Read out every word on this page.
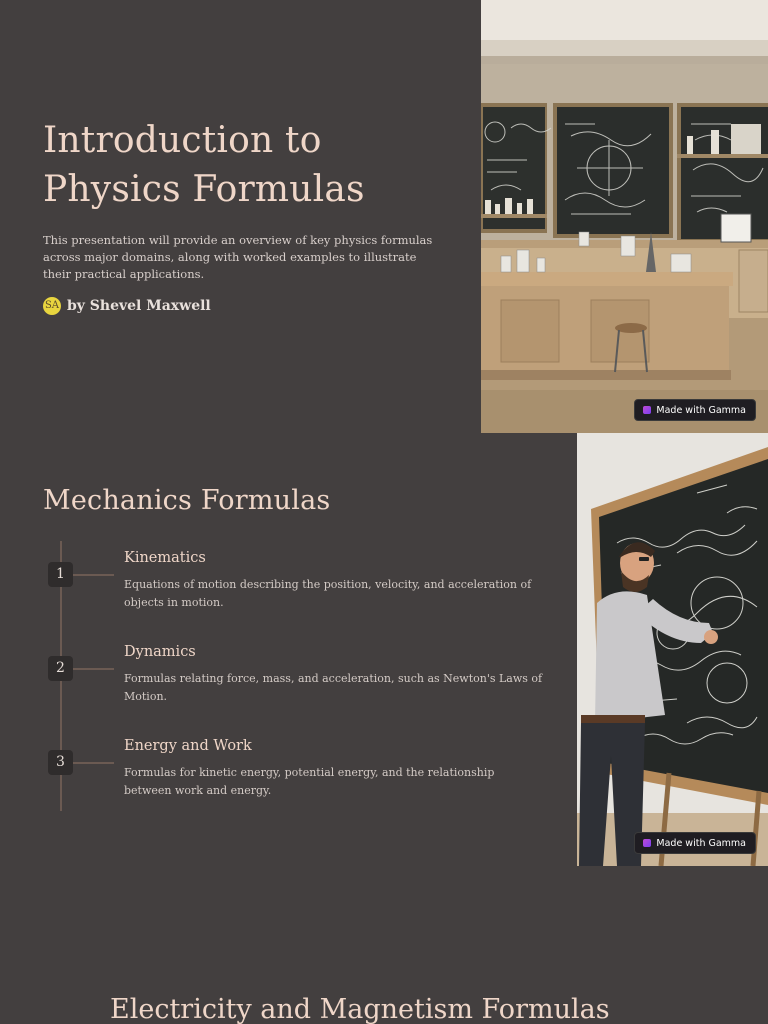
Introduction to Physics Formulas

This presentation will provide an overview of key physics formulas across major domains, along with worked examples to illustrate their practical applications.

SA by Shevel Maxwell
Made with Gamma
Mechanics Formulas
1
Kinematics

Equations of motion describing the position, velocity, and acceleration of objects in motion.

2
Dynamics

Formulas relating force, mass, and acceleration, such as Newton's Laws of Motion.

3
Energy and Work

Formulas for kinetic energy, potential energy, and the relationship between work and energy.

Made with Gamma
Electricity and Magnetism Formulas
